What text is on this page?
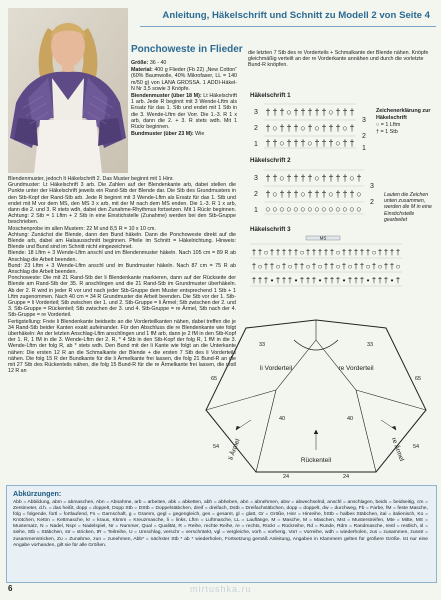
Anleitung, Häkelschrift und Schnitt zu Modell 2 von Seite 4
Ponchoweste in Flieder

Größe: 36 - 40

Material: 400 g Flieder (Fb 22) „New Cotton“ (60% Baumwolle, 40% Mikrofaser, LL = 140 m/50 g) von LANA GROSSA. 1 ADDI-Häkel-N Nr 3,5 sowie 3 Knöpfe.

Biendenmuster (über 18 M): Lt Häkelschrift 1 arb. Jede R beginnt mit 3 Wende-Lftm als Ersatz für das 1. Stb und endet mit 1 Stb in die 3. Wende-Lftm der Vorr. Die 1.-3. R 1 x arb, dann die 2. + 3. R stets wdh. Mit 1 Rückr beginnen.

Bundmuster (über 23 M): Wie

Blendenmuster, jedoch lt Häkelschrift 2. Das Muster beginnt mit 1 Hinr.

Grundmuster: Lt Häkelschrift 3 arb. Die Zahlen auf der Blendenkante arb, dabei stellen die Punkte unter der Häkelschrift jeweils ein Rand-Stb der Blende dar. Die Stb des Grundmusters in den Stb-Kopf der Rand-Stb arb. Jede R beginnt mit 3 Wende-Lftm als Ersatz für das 1. Stb und endet mit M vor dem MS, den MS 3 x arb, mit der M nach dem MS enden. Die 1.-3. R 1 x arb, dann die 2. und 3. R stets wdh, dabei den Zunahme-Rhythmus fortsetzen. Mit 1 Rückr beginnen. Achtung: 2 Stb = 1 Lftm + 2 Stb in eine Einstichstelle (Zunahme) werden bei den Stb-Gruppe beschrieben.

Moschenprobe im allen Mustern: 22 M und 8,5 R = 10 x 10 cm.

Achtung: Zunächst die Blende, dann den Bund häkeln. Dann die Ponchoweste direkt auf die Blende arb, dabei am Halsausschnitt beginnen. Pfeile im Schnitt = Häkelrichtung. Hinweis: Blende und Bund sind im Schnitt nicht eingezeichnet.

Blende: 18 Lftm + 3 Wende-Lftm anschl und im Blendenmuster häkeln. Nach 105 cm = 89 R ab Anschlag die Arbeit beenden.

Bund: 23 Lftm + 3 Wende-Lftm anschl und im Bundmuster häkeln. Nach 87 cm = 75 R ab Anschlag die Arbeit beenden.

Ponchoweste: Die mit 21 Rand-Stb der li Blendenkante markieren, dann auf der Rückseite der Blende am Rand-Stb der 35. R anschlingen und die 21 Rand-Stb im Grundmuster überhäkeln. Ab der 2. R wird in jeder R vor und nach jeder Stb-Gruppe dem Muster entsprechend 1 Stb + 1 Lftm zugenommen. Nach 40 cm = 34 R Grundmuster die Arbeit beenden. Die Stb vor der 1. Stb-Gruppe = li Vorderteil; Stb zwischen der 1. und 2. Stb-Gruppe = li Ärmel; Stb zwischen der 2. und 3. Stb-Gruppe = Rückenteil; Stb zwischen der 3. und 4. Stb-Gruppe = re Ärmel, Stb nach der 4. Stb-Gruppe = re Vorderteil.

Fertigstellung: Freie li Blendenkante beidseits an die Vorderteilkanten nähen, dabei treffen die je 34 Rand-Stb beider Kanten exakt aufeinander. Für den Abschluss die re Blendenkante wie folgt überhäkeln: An der letzten Anschlag-Lftm anschlingen und 1 fM arb, dann je 2 fM in den Stb-Kopf der 1. R, 1 fM in die 3. Wende-Lftm der 2. R, * 4 Stb in den Stb-Kopf der folg R, 1 fM in die 3. Wende-Lftm der folg R, ab * stets wdh. Den Bund mit der li Kante wie folgt an die Unterkante nähen: Die ersten 12 R an die Schmalkante der Blende + die ersten 7 Stb des li Vorderteils nähen. Die folg 15 R der Bundkante für die li Ärmelkante frei lassen, die folg 21 Bund-R an die mit 27 Stb des Rückenteils nähen, die folg 15 Bund-R für die re Ärmelkante frei lassen, die restl 12 R an

die letzten 7 Stb des re Vorderteils + Schmalkante der Blende nähen. Knöpfe gleichmäßig verteilt an der re Vorderkante annähen und durch die vorletzte Bund-R knöpfen.
Häkelschrift 1
3
2
1
3
2
1
† † † ○ † † † † † ○ † † †
† ○ † † † ○ † ○ † † † ○ †
† † ○ † † † ○ † † † ○ † †
Zeichenerklärung zur Häkelschrift
○ = 1 Lftm
† = 1 Stb
Häkelschrift 2
3
2
1
3
2
† † ○ † † † † ○ † † † † ○ †
† ○ † † † ○ † † † ○ † † † ○
○ ○ ○ ○ ○ ○ ○ ○ ○ ○ ○ ○ ○ ○
Lauten die Zeichen unten zusammen, werden die M in eine Einstichstelle gearbeitet
Häkelschrift 3
MS
† † ○ † † † † † ○ † † † † † ○ † † † † † ○ † † † †
† ○ † † ○ † ○ † † ○ † ○ † † ○ † ○ † † ○ † ○ † † ○
† † † • † † † • † † † • † † † • † † † • † † † • †
li Vorderteil	re Vorderteil
li Ärmel	re Ärmel
Rückenteil
65	65
54	54
40	40
33	33
24	24
Abkürzungen:
Abb = Abbildung, abm = abmaschen, Abn = Abnahme, arb = arbeiten, abk = abketten, abh = abheben, abn = abnehmen, abw = abwechselnd, anschl = anschlagen, beids = beidseitig, cm = Zentimeter, d.h. = das heißt, dopp = doppelt, Dopp Stb = DStb = Doppelstäbchen, dreif = dreifach, Dstb = Dreifachstäbchen, dopp = doppelt, dw = durchweg, Fb = Farbe, fM = feste Masche, folg = folgende, fortl = fortlaufend, Fs = Garnschaft, g = Gramm, gegl = gegengleich, ges = gesamt, gl = glatt, Gr = Größe, Hinr = Hinreihe, hStb = halbes Stäbchen, ital = italienisch, Ko = Knötchen, Kettm = Kettmasche, kr = kraus, Kkmm = Kreuzmasche, li = links, Lftm = Luftmasche, LL = Lauflänge, M = Masche, M = Maschen, Mst = Musterstreifen, Mte = Mitte, MS = Mustersatz, N = Nadel, Nspr = Nadelspiel, Nr = Nummer, Qual = Qualität, R = Reihe, rechte Reihe, re = rechts, Rückr = Rückreihe, Rd = Runde, Rdm = Randmasche, restl = restlich, sl = siehe, Stb = Stäbchen, str = stricken, tR = Teilreihe, U = Umschlag, verschr = verschränkt, vgl = vergleiche, vorh = vorherig, Vorr = Vorreihe, wdh = wiederholen, zus = zusammen, zusstr = zusammenstricken, Zu = Zunahme, zun = zunehmen, Abb* = nächster Stb * ab * wiederholen, Fortsetzung gemäß Anleitung, Angaben in Klammern gelten für größere Größe. Ist nur eine Angabe vorhanden, gilt sie für alle Größen.
6	mirtushka.ru
